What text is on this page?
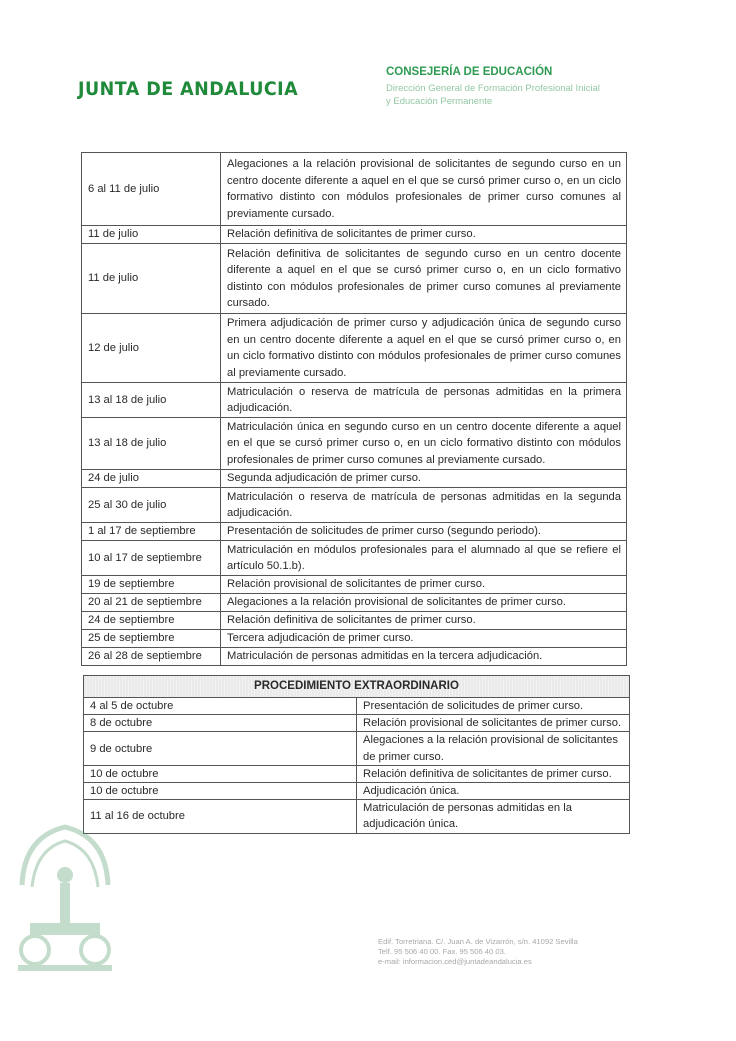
JUNTA DE ANDALUCIA
CONSEJERÍA DE EDUCACIÓN
Dirección General de Formación Profesional Inicial
y Educación Permanente
6 al 11 de julio	Alegaciones a la relación provisional de solicitantes de segundo curso en un centro docente diferente a aquel en el que se cursó primer curso o, en un ciclo formativo distinto con módulos profesionales de primer curso comunes al previamente cursado.
11 de julio	Relación definitiva de solicitantes de primer curso.
11 de julio	Relación definitiva de solicitantes de segundo curso en un centro docente diferente a aquel en el que se cursó primer curso o, en un ciclo formativo distinto con módulos profesionales de primer curso comunes al previamente cursado.
12 de julio	Primera adjudicación de primer curso y adjudicación única de segundo curso en un centro docente diferente a aquel en el que se cursó primer curso o, en un ciclo formativo distinto con módulos profesionales de primer curso comunes al previamente cursado.
13 al 18 de julio	Matriculación o reserva de matrícula de personas admitidas en la primera adjudicación.
13 al 18 de julio	Matriculación única en segundo curso en un centro docente diferente a aquel en el que se cursó primer curso o, en un ciclo formativo distinto con módulos profesionales de primer curso comunes al previamente cursado.
24 de julio	Segunda adjudicación de primer curso.
25 al 30 de julio	Matriculación o reserva de matrícula de personas admitidas en la segunda adjudicación.
1 al 17 de septiembre	Presentación de solicitudes de primer curso (segundo periodo).
10 al 17 de septiembre	Matriculación en módulos profesionales para el alumnado al que se refiere el artículo 50.1.b).
19 de septiembre	Relación provisional de solicitantes de primer curso.
20 al 21 de septiembre	Alegaciones a la relación provisional de solicitantes de primer curso.
24 de septiembre	Relación definitiva de solicitantes de primer curso.
25 de septiembre	Tercera adjudicación de primer curso.
26 al 28 de septiembre	Matriculación de personas admitidas en la tercera adjudicación.
PROCEDIMIENTO EXTRAORDINARIO	
4 al 5 de octubre	Presentación de solicitudes de primer curso.
8 de octubre	Relación provisional de solicitantes de primer curso.
9 de octubre	Alegaciones a la relación provisional de solicitantes de primer curso.
10 de octubre	Relación definitiva de solicitantes de primer curso.
10 de octubre	Adjudicación única.
11 al 16 de octubre	Matriculación de personas admitidas en la adjudicación única.
Edif. Torretriana. C/. Juan A. de Vizarrón, s/n. 41092 Sevilla
Telf. 95 506 40 00. Fax. 95 506 40 03.
e-mail: informacion.ced@juntadeandalucia.es
